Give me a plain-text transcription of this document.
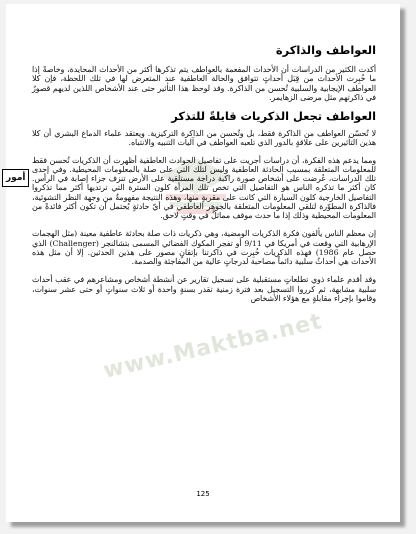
www.Maktba.net
العواطف والذاكرة

أكدت الكثير من الدراسات أن الأحداث المفعمة بالعواطف يتم تذكرها أكثر من الأحداث المحايدة، وخاصةً إذا ما خُبِرت الأحداث من قِبَل أحداثٍ تتوافق والحالة العاطفية عند المتعرض لها في تلك اللحظة، فإن كلا العواطف الإيجابية والسلبية تُحسن من الذاكرة. وقد لوحظ هذا التأثير حتى عند الأشخاص اللذين لديهم قصورٌ في ذاكرتهم مثل مرضى الزهايمر.

العواطف تجعل الذكريات قابلةً للتذكر

لا تُحسّن العواطف من الذاكرة فقط، بل وتُحسن من الذاكرة التركيزية. ويعتقد علماء الدماغ البشري أن كلا هذين التأثيرين على علاقةٍ بالدور الذي تلعبه العواطف في آليات التنبيه والانتباه.

أمور

ومما يدعم هذه الفكرة، أن دراسات أجريت على تفاصيل الحوادث العاطفية أظهرت أن الذكريات تُحسن فقط للمعلومات المتعلقة بمسبب الحادثة العاطفية وليس لتلك التي على صلة بالمعلومات المحيطية. وفي إحدى تلك الدراسات، عُرضت على أشخاص صورة راكبة دراجة مستلقية على الأرض تنزف جزاء إصابة في الرأس. كان أكثر ما تذكره الناس هو التفاصيل التي تخص تلك المرأة كلون السترة التي ترتديها أكثر مما تذكروا التفاصيل الخارجية كلون السيارة التي كانت على مقربةٍ منها، وهذه النتيجة مفهومةٌ من وجهة النظر التشوئية، فالذاكرة المطوّرة لتلقي المعلومات المتعلقة بالجوهر العاطفي في أيّ حادثةٍ يُحتمل أن تكون أكثر فائدةً من المعلومات المحيطية وذلك إذا ما حدث موقف مماثلٌ في وقتٍ لاحق.

إن معظم الناس يألفون فكرة الذكريات الومضية، وهي ذكريات ذات صلة بحادثة عاطفية معينة (مثل الهجمات الإرهابية التي وقعت في أمريكا في 9/11 أو تفجر المكوك الفضائي المسمى بتشالنجر (Challenger) الذي حصل عام 1986) فهذه الذكريات خُبِرت في ذاكرتنا بإتقانٍ مصور على هذين الحدثين. إلا أن مثل هذه الأحداث هي أحداثٌ سلبية دائماً مصاحبة لدرجاتٍ عالية من المفاجئة والصدمة.

وقد أقدم علماء ذوي تطلعاتٍ مستقبلية على تسجيل تقارير عن أنشطة أشخاص ومشاعرهم في عقب أحداث سلبية مشابهة، ثم كرروا التسجيل بعد فترة زمنية تقدر بسنةٍ واحدة أو ثلاث سنواتٍ أو حتى عشر سنوات، وقاموا بإجراء مقابلةٍ مع هؤلاء الأشخاص

125
